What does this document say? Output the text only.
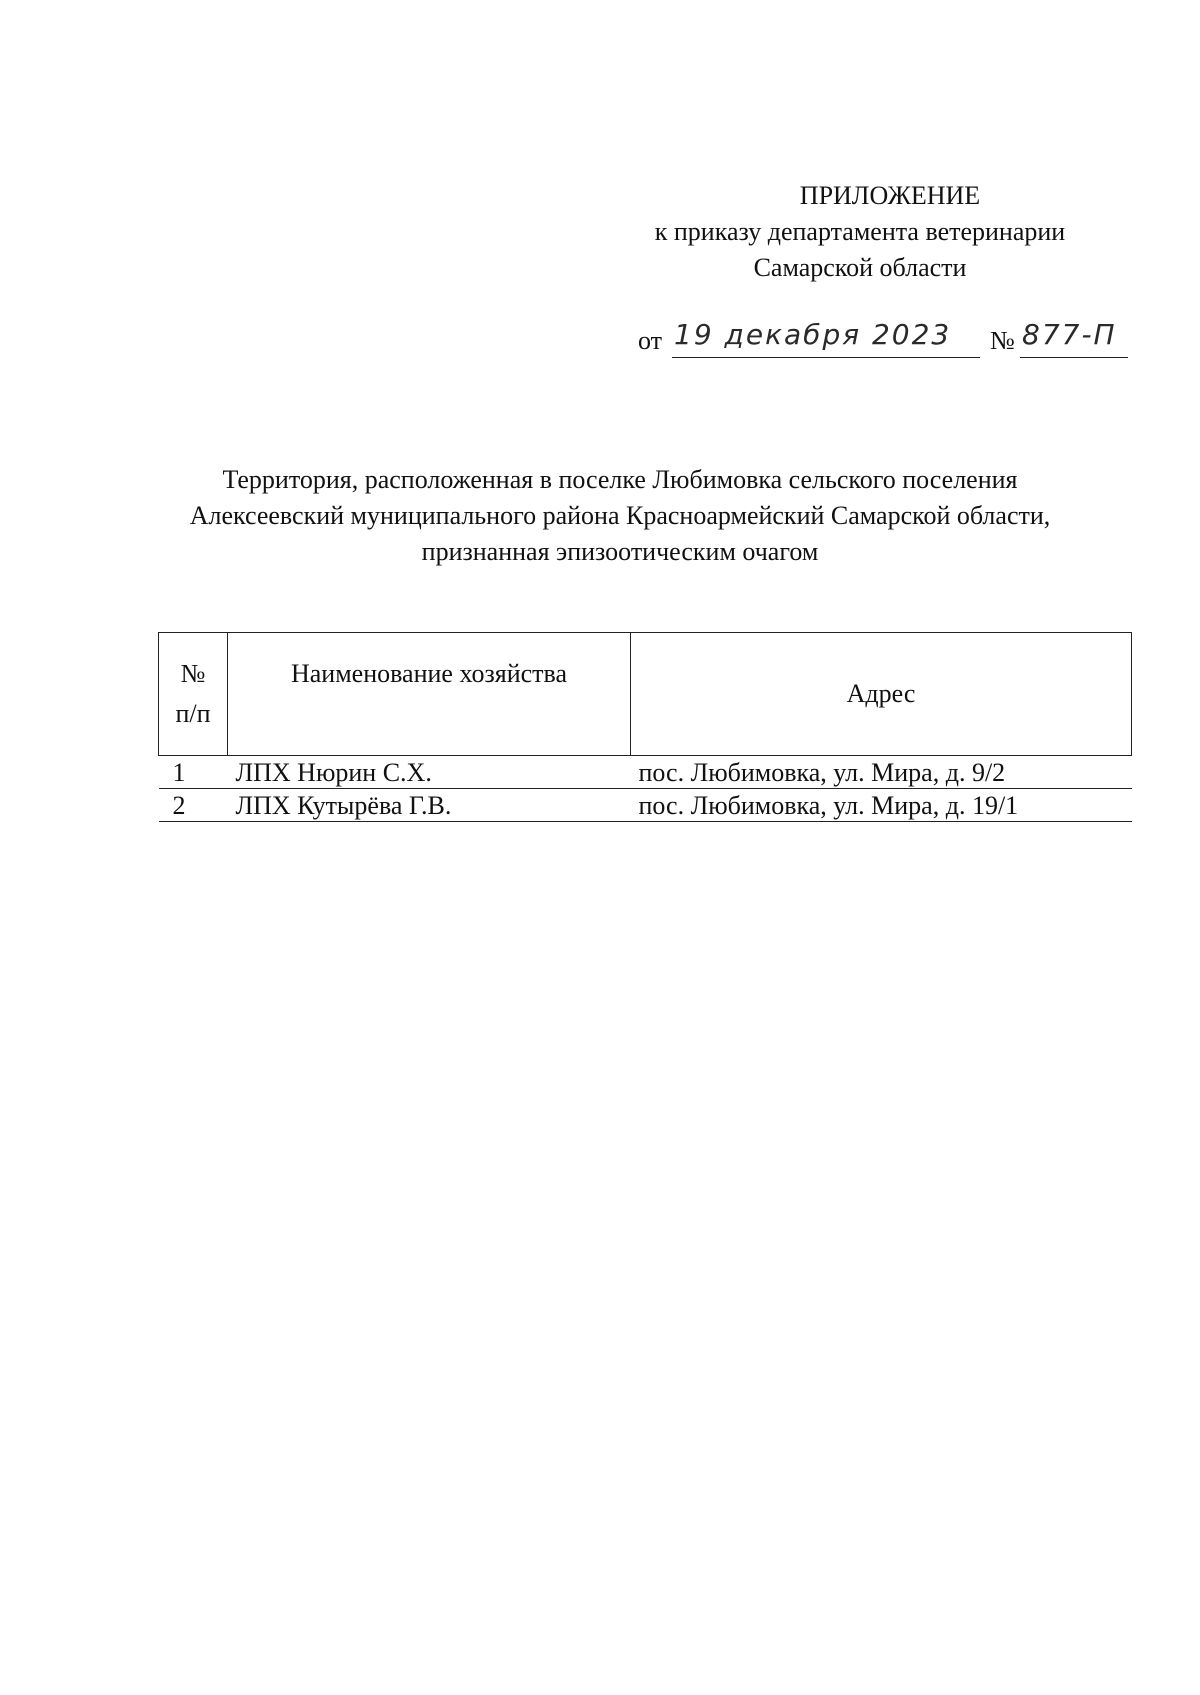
ПРИЛОЖЕНИЕ
к приказу департамента ветеринарии
Самарской области
от 19 декабря 2023 № 877-П
Территория, расположенная в поселке Любимовка сельского поселения
Алексеевский муниципального района Красноармейский Самарской области,
признанная эпизоотическим очагом
№
п/п	Наименование хозяйства	Адрес
1	ЛПХ Нюрин С.Х.	пос. Любимовка, ул. Мира, д. 9/2
2	ЛПХ Кутырёва Г.В.	пос. Любимовка, ул. Мира, д. 19/1
